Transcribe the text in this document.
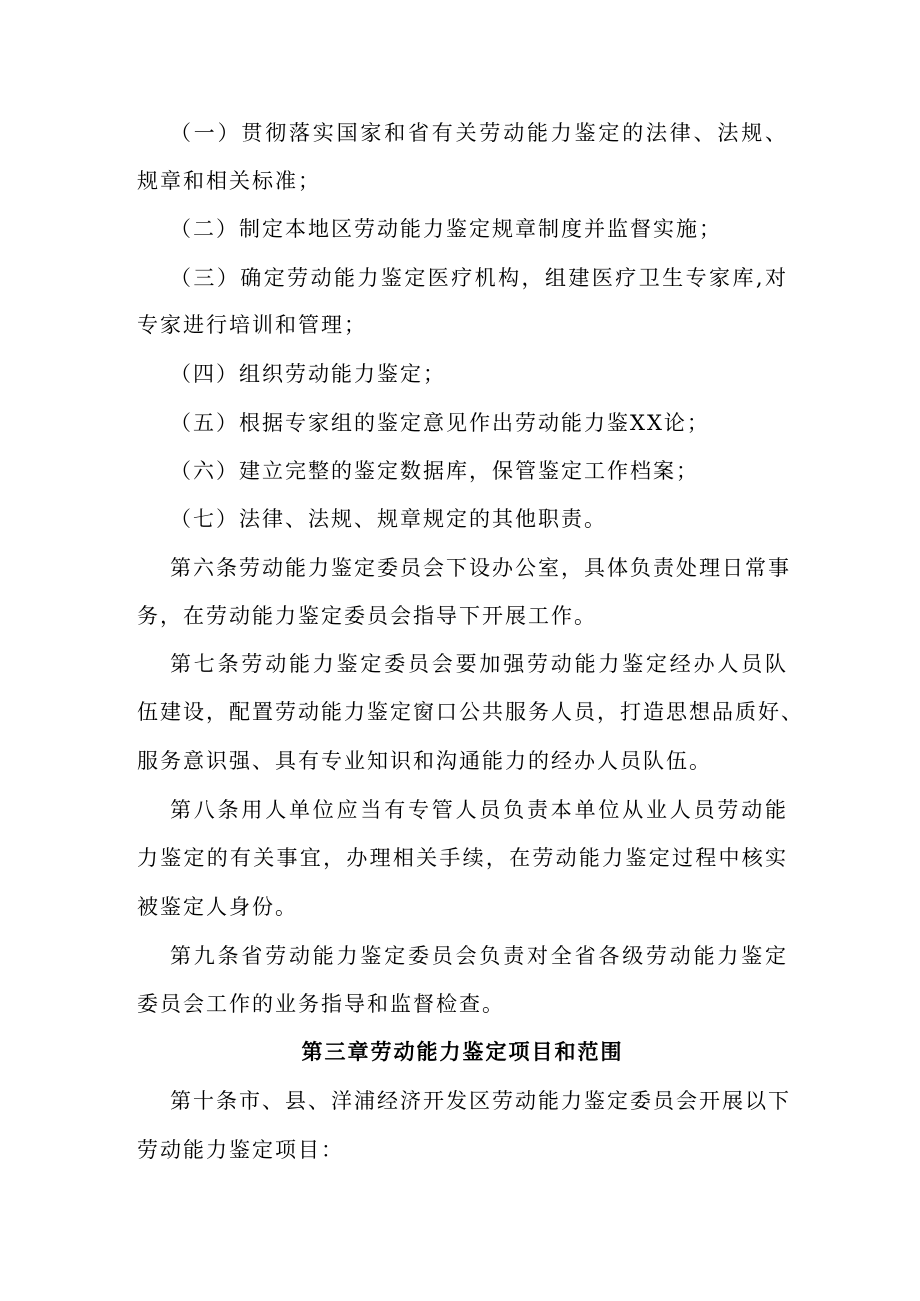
（一）贯彻落实国家和省有关劳动能力鉴定的法律、法规、
规章和相关标准；
（二）制定本地区劳动能力鉴定规章制度并监督实施；
（三）确定劳动能力鉴定医疗机构，组建医疗卫生专家库,对
专家进行培训和管理；
（四）组织劳动能力鉴定；
（五）根据专家组的鉴定意见作出劳动能力鉴XX论；
（六）建立完整的鉴定数据库，保管鉴定工作档案；
（七）法律、法规、规章规定的其他职责。
第六条劳动能力鉴定委员会下设办公室，具体负责处理日常事
务，在劳动能力鉴定委员会指导下开展工作。
第七条劳动能力鉴定委员会要加强劳动能力鉴定经办人员队
伍建设，配置劳动能力鉴定窗口公共服务人员，打造思想品质好、
服务意识强、具有专业知识和沟通能力的经办人员队伍。
第八条用人单位应当有专管人员负责本单位从业人员劳动能
力鉴定的有关事宜，办理相关手续，在劳动能力鉴定过程中核实
被鉴定人身份。
第九条省劳动能力鉴定委员会负责对全省各级劳动能力鉴定
委员会工作的业务指导和监督检查。
第三章劳动能力鉴定项目和范围
第十条市、县、洋浦经济开发区劳动能力鉴定委员会开展以下
劳动能力鉴定项目：
